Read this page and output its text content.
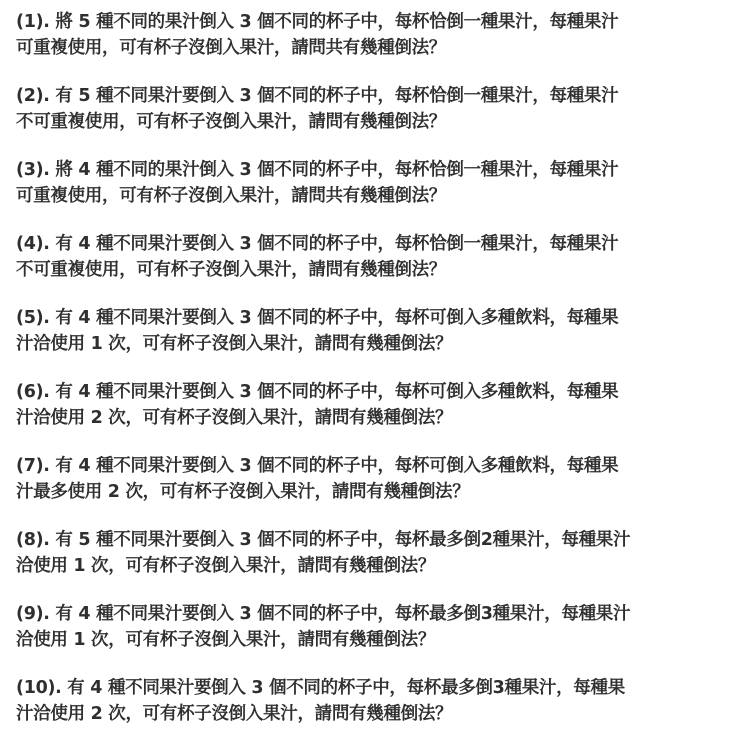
(1). 將 5 種不同的果汁倒入 3 個不同的杯子中，每杯恰倒一種果汁，每種果汁
可重複使用，可有杯子沒倒入果汁，請問共有幾種倒法？
(2). 有 5 種不同果汁要倒入 3 個不同的杯子中，每杯恰倒一種果汁，每種果汁
不可重複使用，可有杯子沒倒入果汁，請問有幾種倒法？
(3). 將 4 種不同的果汁倒入 3 個不同的杯子中，每杯恰倒一種果汁，每種果汁
可重複使用，可有杯子沒倒入果汁，請問共有幾種倒法？
(4). 有 4 種不同果汁要倒入 3 個不同的杯子中，每杯恰倒一種果汁，每種果汁
不可重複使用，可有杯子沒倒入果汁，請問有幾種倒法？
(5). 有 4 種不同果汁要倒入 3 個不同的杯子中，每杯可倒入多種飲料，每種果
汁洽使用 1 次，可有杯子沒倒入果汁，請問有幾種倒法？
(6). 有 4 種不同果汁要倒入 3 個不同的杯子中，每杯可倒入多種飲料，每種果
汁洽使用 2 次，可有杯子沒倒入果汁，請問有幾種倒法？
(7). 有 4 種不同果汁要倒入 3 個不同的杯子中，每杯可倒入多種飲料，每種果
汁最多使用 2 次，可有杯子沒倒入果汁，請問有幾種倒法？
(8). 有 5 種不同果汁要倒入 3 個不同的杯子中，每杯最多倒2種果汁，每種果汁
洽使用 1 次，可有杯子沒倒入果汁，請問有幾種倒法？
(9). 有 4 種不同果汁要倒入 3 個不同的杯子中，每杯最多倒3種果汁，每種果汁
洽使用 1 次，可有杯子沒倒入果汁，請問有幾種倒法？
(10). 有 4 種不同果汁要倒入 3 個不同的杯子中，每杯最多倒3種果汁，每種果
汁洽使用 2 次，可有杯子沒倒入果汁，請問有幾種倒法？
